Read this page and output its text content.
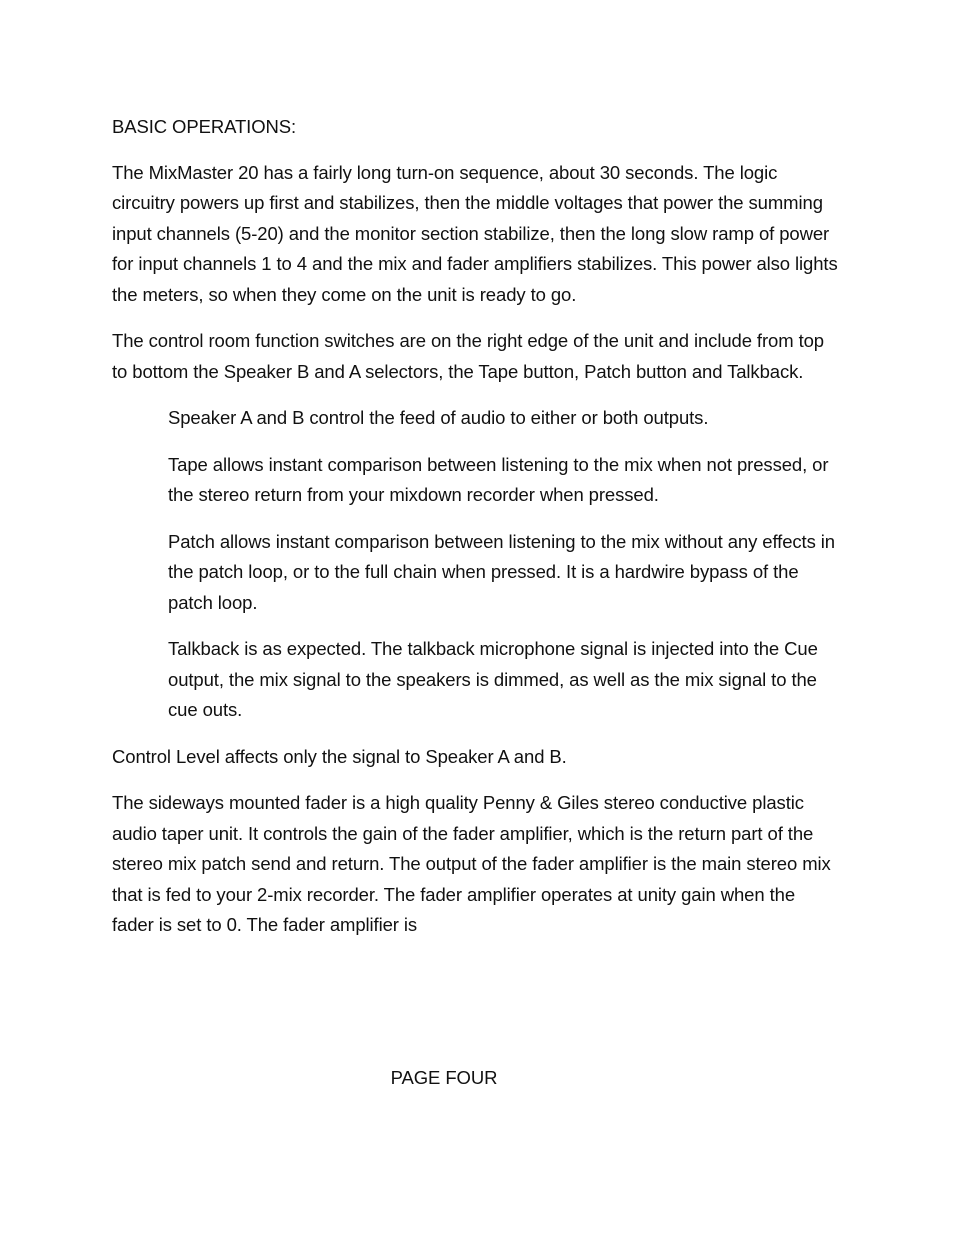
BASIC OPERATIONS:

The MixMaster 20 has a fairly long turn-on sequence, about 30 seconds. The logic circuitry powers up first and stabilizes, then the middle voltages that power the summing input channels (5-20) and the monitor section stabilize, then the long slow ramp of power for input channels 1 to 4 and the mix and fader amplifiers stabilizes. This power also lights the meters, so when they come on the unit is ready to go.

The control room function switches are on the right edge of the unit and include from top to bottom the Speaker B and A selectors, the Tape button, Patch button and Talkback.

Speaker A and B control the feed of audio to either or both outputs.

Tape allows instant comparison between listening to the mix when not pressed, or the stereo return from your mixdown recorder when pressed.

Patch allows instant comparison between listening to the mix without any effects in the patch loop, or to the full chain when pressed. It is a hardwire bypass of the patch loop.

Talkback is as expected. The talkback microphone signal is injected into the Cue output, the mix signal to the speakers is dimmed, as well as the mix signal to the cue outs.

Control Level affects only the signal to Speaker A and B.

The sideways mounted fader is a high quality Penny & Giles stereo conductive plastic audio taper unit. It controls the gain of the fader amplifier, which is the return part of the stereo mix patch send and return. The output of the fader amplifier is the main stereo mix that is fed to your 2-mix recorder. The fader amplifier operates at unity gain when the fader is set to 0. The fader amplifier is

PAGE FOUR
